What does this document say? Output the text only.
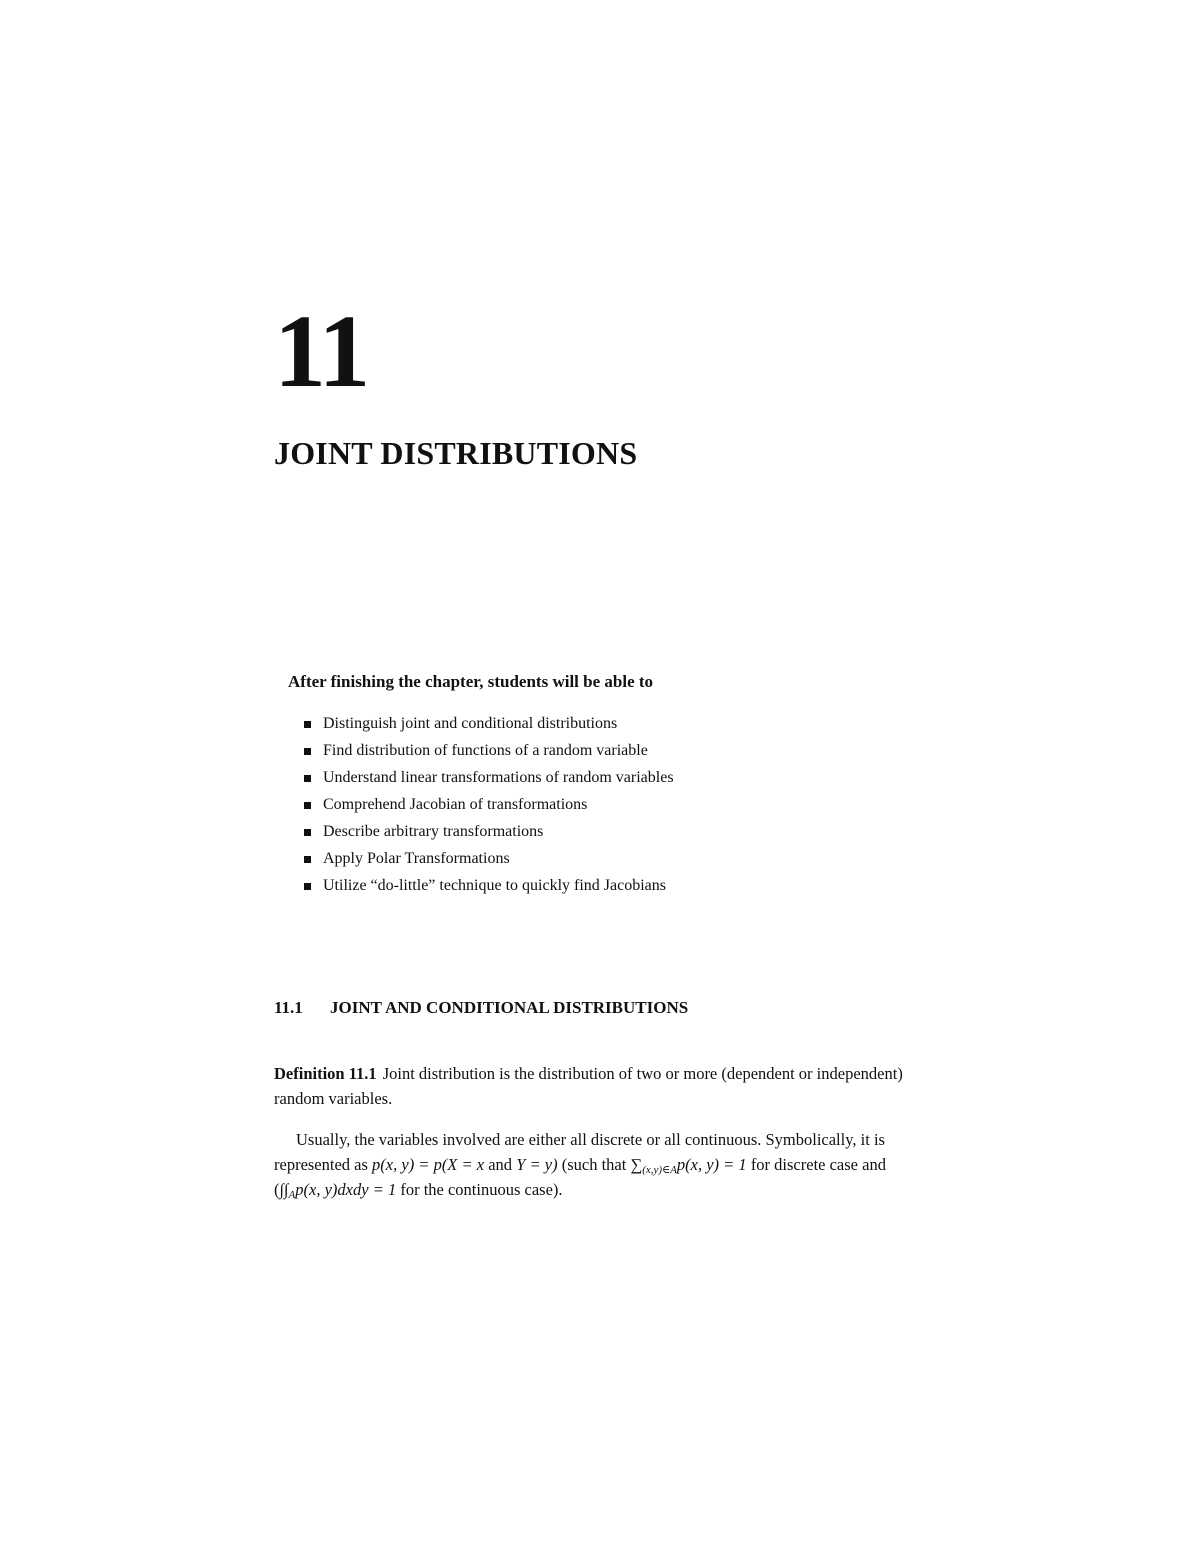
11
JOINT DISTRIBUTIONS

After finishing the chapter, students will be able to

Distinguish joint and conditional distributions
Find distribution of functions of a random variable
Understand linear transformations of random variables
Comprehend Jacobian of transformations
Describe arbitrary transformations
Apply Polar Transformations
Utilize “do-little” technique to quickly find Jacobians
11.1 JOINT AND CONDITIONAL DISTRIBUTIONS

Definition 11.1 Joint distribution is the distribution of two or more (dependent or independent) random variables.

Usually, the variables involved are either all discrete or all continuous. Symbolically, it is represented as p(x, y) = p(X = x and Y = y) (such that $\sum_{(x,y)\in A}p(x$, y) = 1 for discrete case and ($\int\int_Ap(x$, y)dxdy = 1 for the continuous case).
